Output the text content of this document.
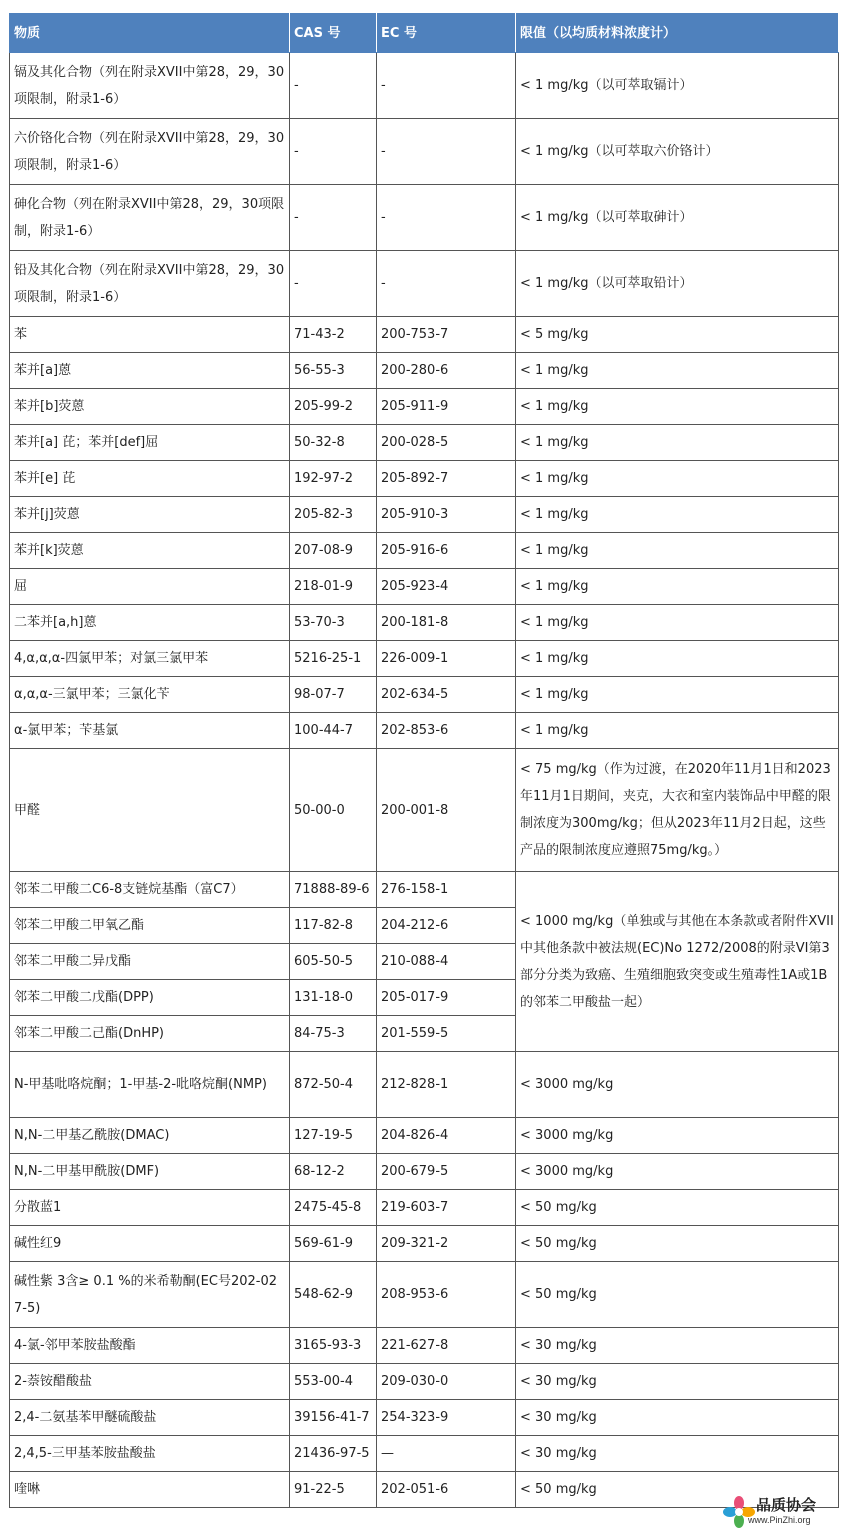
物质	CAS 号	EC 号	限值（以均质材料浓度计）
镉及其化合物（列在附录XVII中第28，29，30项限制，附录1-6）	-	-	< 1 mg/kg（以可萃取镉计）
六价铬化合物（列在附录XVII中第28，29，30项限制，附录1-6）	-	-	< 1 mg/kg（以可萃取六价铬计）
砷化合物（列在附录XVII中第28，29，30项限制，附录1-6）	-	-	< 1 mg/kg（以可萃取砷计）
铅及其化合物（列在附录XVII中第28，29，30项限制，附录1-6）	-	-	< 1 mg/kg（以可萃取铅计）
苯	71-43-2	200-753-7	< 5 mg/kg
苯并[a]蒽	56-55-3	200-280-6	< 1 mg/kg
苯并[b]荧蒽	205-99-2	205-911-9	< 1 mg/kg
苯并[a] 芘；苯并[def]屈	50-32-8	200-028-5	< 1 mg/kg
苯并[e] 芘	192-97-2	205-892-7	< 1 mg/kg
苯并[j]荧蒽	205-82-3	205-910-3	< 1 mg/kg
苯并[k]荧蒽	207-08-9	205-916-6	< 1 mg/kg
屈	218-01-9	205-923-4	< 1 mg/kg
二苯并[a,h]蒽	53-70-3	200-181-8	< 1 mg/kg
4,α,α,α-四氯甲苯；对氯三氯甲苯	5216-25-1	226-009-1	< 1 mg/kg
α,α,α-三氯甲苯；三氯化苄	98-07-7	202-634-5	< 1 mg/kg
α-氯甲苯；苄基氯	100-44-7	202-853-6	< 1 mg/kg
甲醛	50-00-0	200-001-8	< 75 mg/kg（作为过渡，在2020年11月1日和2023年11月1日期间，夹克，大衣和室内装饰品中甲醛的限制浓度为300mg/kg；但从2023年11月2日起，这些产品的限制浓度应遵照75mg/kg。）
邻苯二甲酸二C6-8支链烷基酯（富C7）	71888-89-6	276-158-1	< 1000 mg/kg（单独或与其他在本条款或者附件XVII中其他条款中被法规(EC)No 1272/2008的附录VI第3部分分类为致癌、生殖细胞致突变或生殖毒性1A或1B的邻苯二甲酸盐一起）
邻苯二甲酸二甲氧乙酯	117-82-8	204-212-6	
邻苯二甲酸二异戊酯	605-50-5	210-088-4	
邻苯二甲酸二戊酯(DPP)	131-18-0	205-017-9	
邻苯二甲酸二己酯(DnHP)	84-75-3	201-559-5	
N-甲基吡咯烷酮；1-甲基-2-吡咯烷酮(NMP)	872-50-4	212-828-1	< 3000 mg/kg
N,N-二甲基乙酰胺(DMAC)	127-19-5	204-826-4	< 3000 mg/kg
N,N-二甲基甲酰胺(DMF)	68-12-2	200-679-5	< 3000 mg/kg
分散蓝1	2475-45-8	219-603-7	< 50 mg/kg
碱性红9	569-61-9	209-321-2	< 50 mg/kg
碱性紫 3含≥ 0.1 %的米希勒酮(EC号202-027-5)	548-62-9	208-953-6	< 50 mg/kg
4-氯-邻甲苯胺盐酸酯	3165-93-3	221-627-8	< 30 mg/kg
2-萘铵醋酸盐	553-00-4	209-030-0	< 30 mg/kg
2,4-二氨基苯甲醚硫酸盐	39156-41-7	254-323-9	< 30 mg/kg
2,4,5-三甲基苯胺盐酸盐	21436-97-5	—	< 30 mg/kg
喹啉	91-22-5	202-051-6	< 50 mg/kg
品质协会
www.PinZhi.org
